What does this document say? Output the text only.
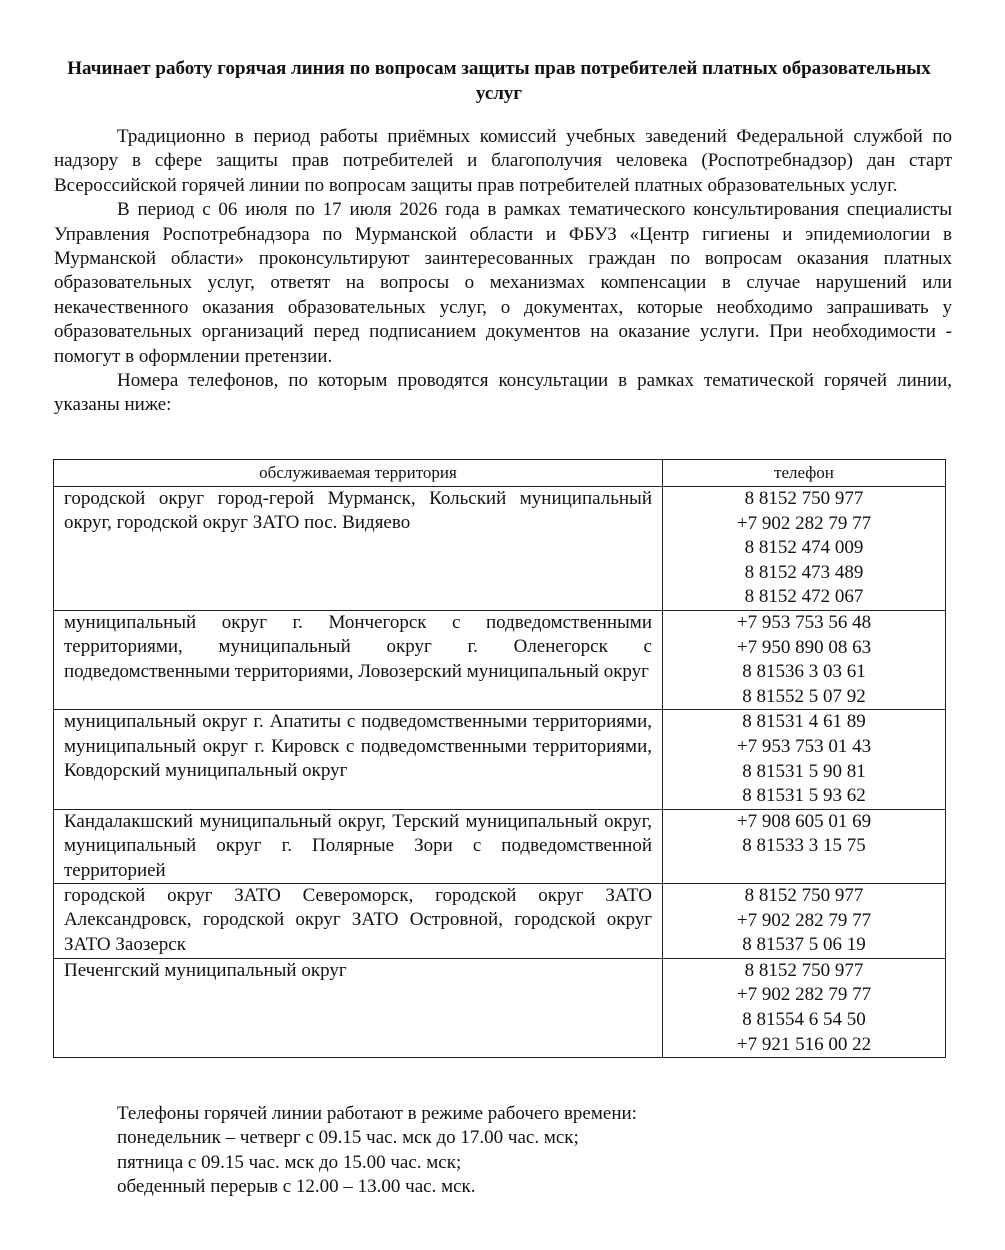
Начинает работу горячая линия по вопросам защиты прав потребителей платных образовательных услуг

Традиционно в период работы приёмных комиссий учебных заведений Федеральной службой по надзору в сфере защиты прав потребителей и благополучия человека (Роспотребнадзор) дан старт Всероссийской горячей линии по вопросам защиты прав потребителей платных образовательных услуг.

В период с 06 июля по 17 июля 2026 года в рамках тематического консультирования специалисты Управления Роспотребнадзора по Мурманской области и ФБУЗ «Центр гигиены и эпидемиологии в Мурманской области» проконсультируют заинтересованных граждан по вопросам оказания платных образовательных услуг, ответят на вопросы о механизмах компенсации в случае нарушений или некачественного оказания образовательных услуг, о документах, которые необходимо запрашивать у образовательных организаций перед подписанием документов на оказание услуги. При необходимости - помогут в оформлении претензии.

Номера телефонов, по которым проводятся консультации в рамках тематической горячей линии, указаны ниже:

обслуживаемая территория	телефон
городской округ город-герой Мурманск, Кольский муниципальный округ, городской округ ЗАТО пос. Видяево	8 8152 750 977
+7 902 282 79 77
8 8152 474 009
8 8152 473 489
8 8152 472 067

муниципальный округ г. Мончегорск с подведомственными территориями, муниципальный округ г. Оленегорск с подведомственными территориями, Ловозерский муниципальный округ	+7 953 753 56 48
+7 950 890 08 63
8 81536 3 03 61
8 81552 5 07 92

муниципальный округ г. Апатиты с подведомственными территориями, муниципальный округ г. Кировск с подведомственными территориями, Ковдорский муниципальный округ	8 81531 4 61 89
+7 953 753 01 43
8 81531 5 90 81
8 81531 5 93 62

Кандалакшский муниципальный округ, Терский муниципальный округ, муниципальный округ г. Полярные Зори с подведомственной территорией	+7 908 605 01 69
8 81533 3 15 75

городской округ ЗАТО Североморск, городской округ ЗАТО Александровск, городской округ ЗАТО Островной, городской округ ЗАТО Заозерск	8 8152 750 977
+7 902 282 79 77
8 81537 5 06 19

Печенгский муниципальный округ	8 8152 750 977
+7 902 282 79 77
8 81554 6 54 50
+7 921 516 00 22
Телефоны горячей линии работают в режиме рабочего времени:
понедельник – четверг с 09.15 час. мск до 17.00 час. мск;
пятница с 09.15 час. мск до 15.00 час. мск;
обеденный перерыв с 12.00 – 13.00 час. мск.
